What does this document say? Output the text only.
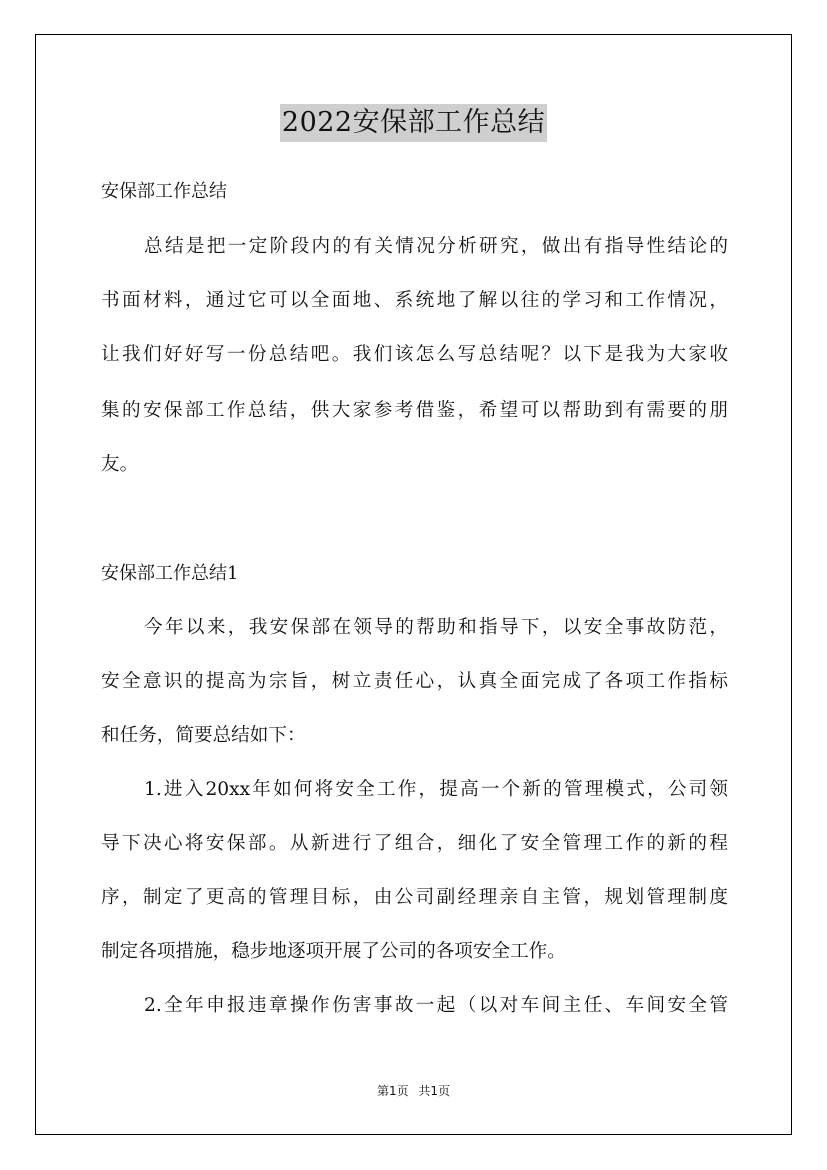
2022安保部工作总结
安保部工作总结
总结是把一定阶段内的有关情况分析研究，做出有指导性结论的
书面材料，通过它可以全面地、系统地了解以往的学习和工作情况，
让我们好好写一份总结吧。我们该怎么写总结呢？以下是我为大家收
集的安保部工作总结，供大家参考借鉴，希望可以帮助到有需要的朋
友。
安保部工作总结1
今年以来，我安保部在领导的帮助和指导下，以安全事故防范，
安全意识的提高为宗旨，树立责任心，认真全面完成了各项工作指标
和任务，简要总结如下：
1.进入20xx年如何将安全工作，提高一个新的管理模式，公司领
导下决心将安保部。从新进行了组合，细化了安全管理工作的新的程
序，制定了更高的管理目标，由公司副经理亲自主管，规划管理制度
制定各项措施，稳步地逐项开展了公司的各项安全工作。
2.全年申报违章操作伤害事故一起（以对车间主任、车间安全管
第1页 共1页
